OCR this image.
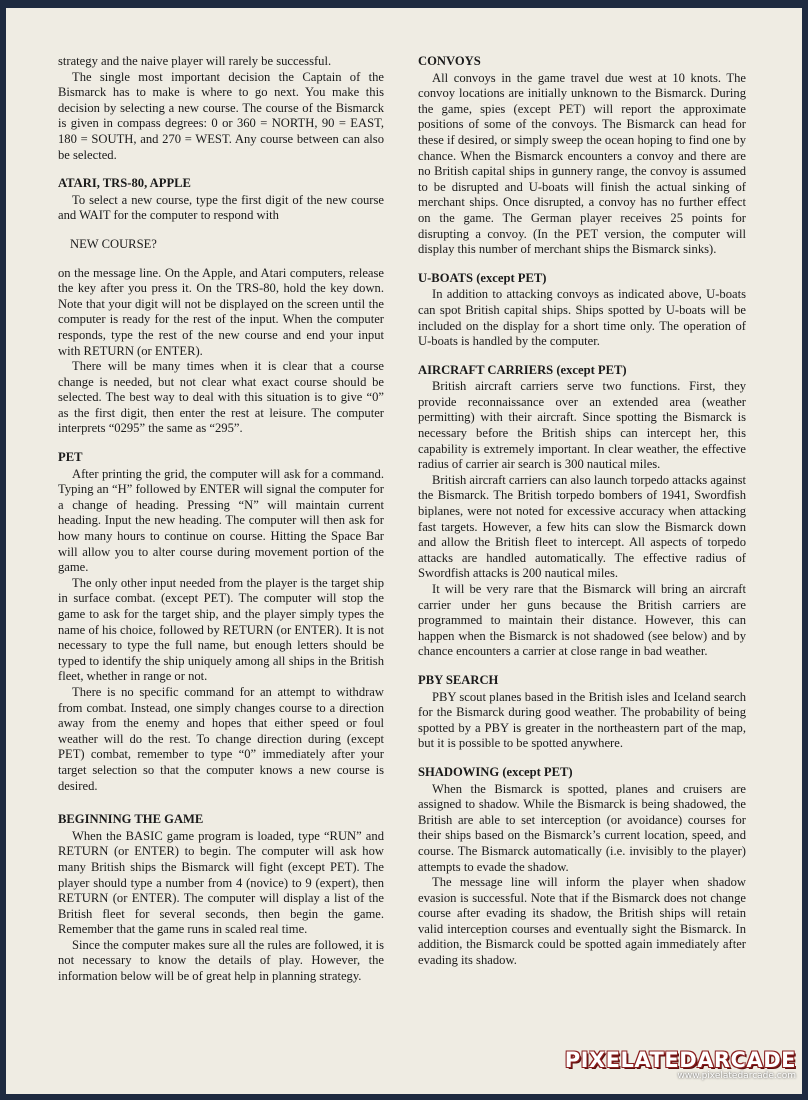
strategy and the naive player will rarely be successful.

The single most important decision the Captain of the Bismarck has to make is where to go next. You make this decision by selecting a new course. The course of the Bismarck is given in compass degrees: 0 or 360 = NORTH, 90 = EAST, 180 = SOUTH, and 270 = WEST. Any course between can also be selected.

ATARI, TRS-80, APPLE

To select a new course, type the first digit of the new course and WAIT for the computer to respond with

NEW COURSE?

on the message line. On the Apple, and Atari computers, release the key after you press it. On the TRS-80, hold the key down. Note that your digit will not be displayed on the screen until the computer is ready for the rest of the input. When the computer responds, type the rest of the new course and end your input with RETURN (or ENTER).

There will be many times when it is clear that a course change is needed, but not clear what exact course should be selected. The best way to deal with this situation is to give “0” as the first digit, then enter the rest at leisure. The computer interprets “0295” the same as “295”.

PET

After printing the grid, the computer will ask for a command. Typing an “H” followed by ENTER will signal the computer for a change of heading. Pressing “N” will maintain current heading. Input the new heading. The computer will then ask for how many hours to continue on course. Hitting the Space Bar will allow you to alter course during movement portion of the game.

The only other input needed from the player is the target ship in surface combat. (except PET). The computer will stop the game to ask for the target ship, and the player simply types the name of his choice, followed by RETURN (or ENTER). It is not necessary to type the full name, but enough letters should be typed to identify the ship uniquely among all ships in the British fleet, whether in range or not.

There is no specific command for an attempt to withdraw from combat. Instead, one simply changes course to a direction away from the enemy and hopes that either speed or foul weather will do the rest. To change direction during (except PET) combat, remember to type “0” immediately after your target selection so that the computer knows a new course is desired.

BEGINNING THE GAME

When the BASIC game program is loaded, type “RUN” and RETURN (or ENTER) to begin. The computer will ask how many British ships the Bismarck will fight (except PET). The player should type a number from 4 (novice) to 9 (expert), then RETURN (or ENTER). The computer will display a list of the British fleet for several seconds, then begin the game. Remember that the game runs in scaled real time.

Since the computer makes sure all the rules are followed, it is not necessary to know the details of play. However, the information below will be of great help in planning strategy.

CONVOYS

All convoys in the game travel due west at 10 knots. The convoy locations are initially unknown to the Bismarck. During the game, spies (except PET) will report the approximate positions of some of the convoys. The Bismarck can head for these if desired, or simply sweep the ocean hoping to find one by chance. When the Bismarck encounters a convoy and there are no British capital ships in gunnery range, the convoy is assumed to be disrupted and U-boats will finish the actual sinking of merchant ships. Once disrupted, a convoy has no further effect on the game. The German player receives 25 points for disrupting a convoy. (In the PET version, the computer will display this number of merchant ships the Bismarck sinks).

U-BOATS (except PET)

In addition to attacking convoys as indicated above, U-boats can spot British capital ships. Ships spotted by U-boats will be included on the display for a short time only. The operation of U-boats is handled by the computer.

AIRCRAFT CARRIERS (except PET)

British aircraft carriers serve two functions. First, they provide reconnaissance over an extended area (weather permitting) with their aircraft. Since spotting the Bismarck is necessary before the British ships can intercept her, this capability is extremely important. In clear weather, the effective radius of carrier air search is 300 nautical miles.

British aircraft carriers can also launch torpedo attacks against the Bismarck. The British torpedo bombers of 1941, Swordfish biplanes, were not noted for excessive accuracy when attacking fast targets. However, a few hits can slow the Bismarck down and allow the British fleet to intercept. All aspects of torpedo attacks are handled automatically. The effective radius of Swordfish attacks is 200 nautical miles.

It will be very rare that the Bismarck will bring an aircraft carrier under her guns because the British carriers are programmed to maintain their distance. However, this can happen when the Bismarck is not shadowed (see below) and by chance encounters a carrier at close range in bad weather.

PBY SEARCH

PBY scout planes based in the British isles and Iceland search for the Bismarck during good weather. The probability of being spotted by a PBY is greater in the northeastern part of the map, but it is possible to be spotted anywhere.

SHADOWING (except PET)

When the Bismarck is spotted, planes and cruisers are assigned to shadow. While the Bismarck is being shadowed, the British are able to set interception (or avoidance) courses for their ships based on the Bismarck’s current location, speed, and course. The Bismarck automatically (i.e. invisibly to the player) attempts to evade the shadow.

The message line will inform the player when shadow evasion is successful. Note that if the Bismarck does not change course after evading its shadow, the British ships will retain valid interception courses and eventually sight the Bismarck. In addition, the Bismarck could be spotted again immediately after evading its shadow.

PIXELATEDARCADE
www.pixelatedarcade.com
